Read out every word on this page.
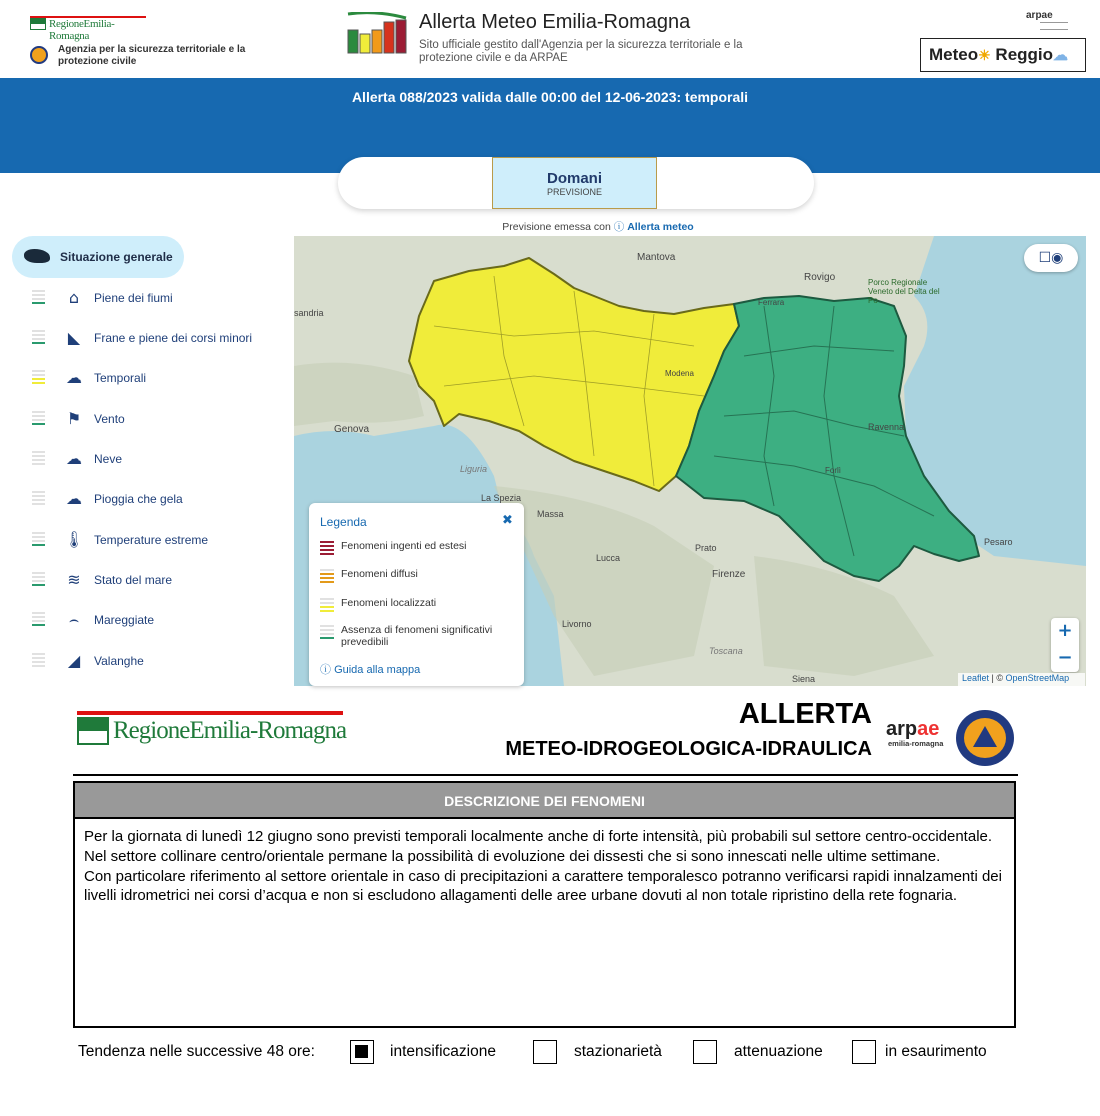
RegioneEmilia-Romagna
Agenzia per la sicurezza territoriale e la protezione civile
Allerta Meteo Emilia-Romagna
Sito ufficiale gestito dall'Agenzia per la sicurezza territoriale e la protezione civile e da ARPAE
arpae
Meteo☀ Reggio☁
Allerta 088/2023 valida dalle 00:00 del 12-06-2023: temporali
Domani
PREVISIONE
Previsione emessa con ⓘ Allerta meteo
Situazione generale
⌂	Piene dei fiumi
◣	Frane e piene dei corsi minori
☁ Temporali
⚑ Vento
☁ Neve
☁ Pioggia che gela
🌡 Temperature estreme
≋ Stato del mare
⌢	Mareggiate
◢	Valanghe
Mantova
Rovigo	Porco Regionale Veneto del Delta del Po
Genova	Ravenna
La Spezia
Massa
Lucca
Prato
Firenze
Livorno
Toscana
Siena
Pesaro
Ferrara
Liguria	Forlì
Modena
sandria
☐◉
+
−
Leaflet | © OpenStreetMap
Legenda	✖
Fenomeni ingenti ed estesi
Fenomeni diffusi
Fenomeni localizzati
Assenza di fenomeni significativi prevedibili
ⓘ Guida alla mappa
RegioneEmilia-Romagna
ALLERTA
METEO-IDROGEOLOGICA-IDRAULICA
arpae
emilia-romagna
DESCRIZIONE DEI FENOMENI

Per la giornata di lunedì 12 giugno sono previsti temporali localmente anche di forte intensità, più probabili sul settore centro-occidentale.

Nel settore collinare centro/orientale permane la possibilità di evoluzione dei dissesti che si sono innescati nelle ultime settimane.

Con particolare riferimento al settore orientale in caso di precipitazioni a carattere temporalesco potranno verificarsi rapidi innalzamenti dei livelli idrometrici nei corsi d’acqua e non si escludono allagamenti delle aree urbane dovuti al non totale ripristino della rete fognaria.

Tendenza nelle successive 48 ore:	intensificazione	stazionarietà	attenuazione	in esaurimento
